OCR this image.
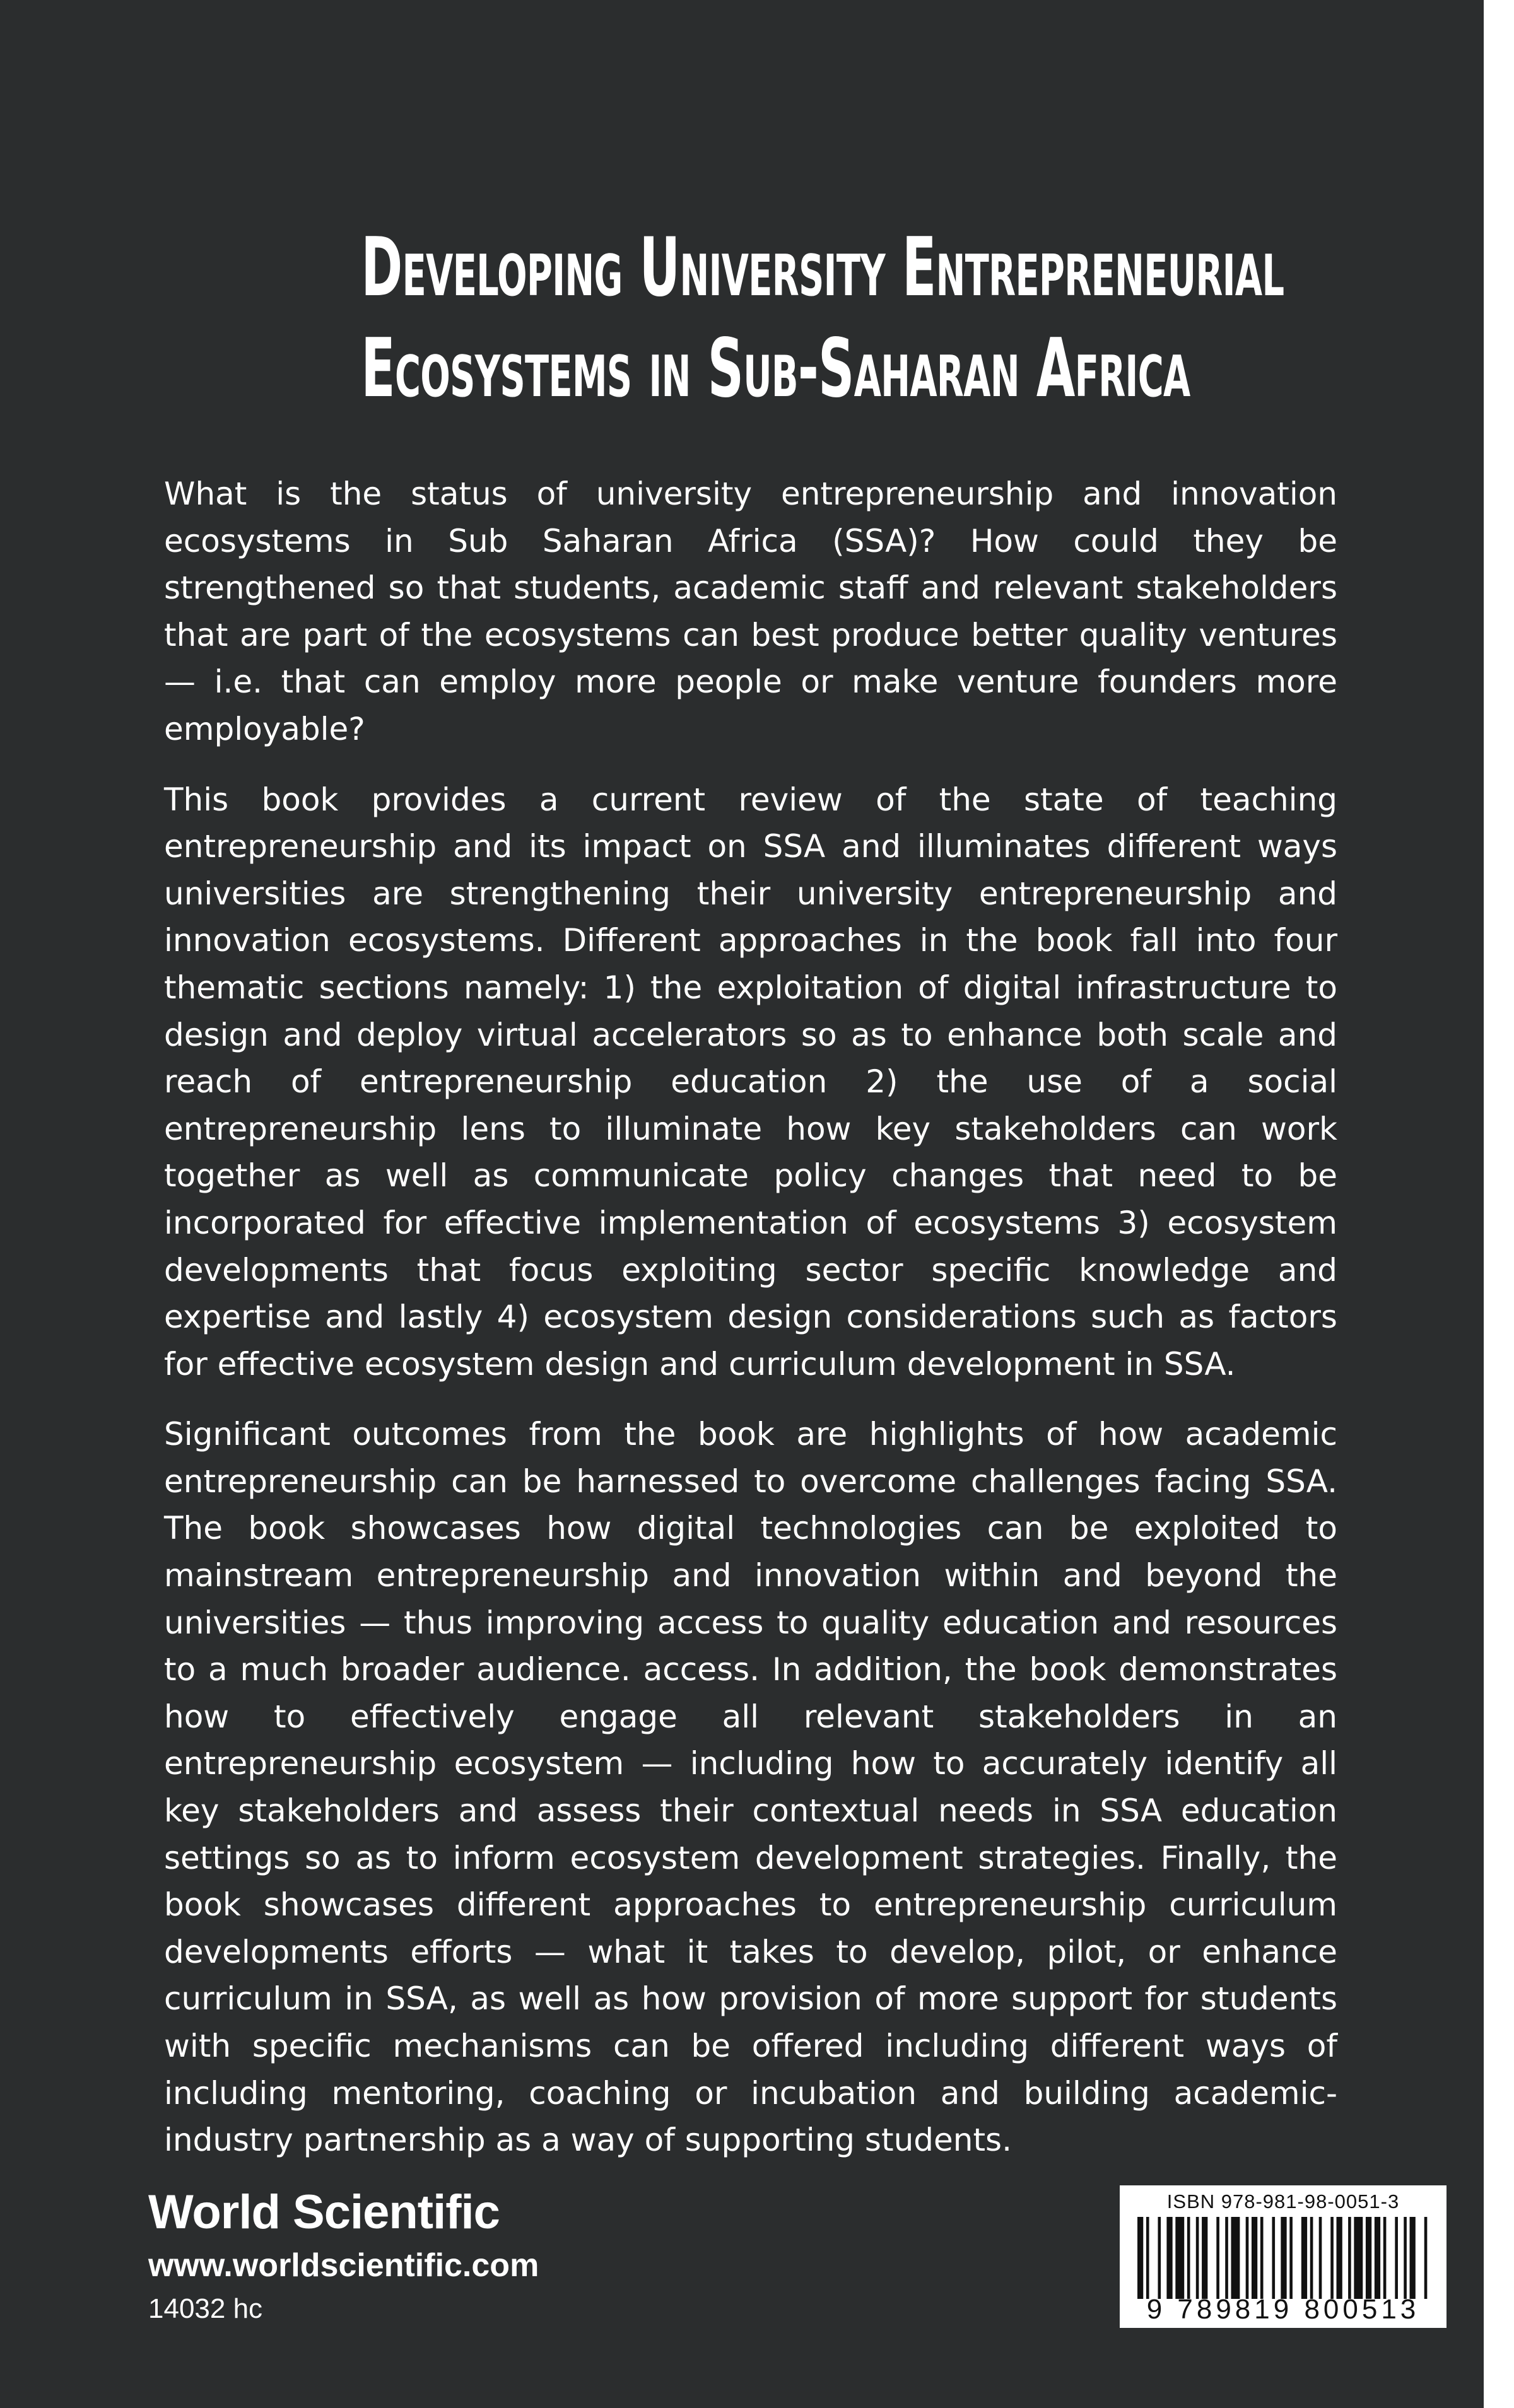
Developing University Entrepreneurial
Ecosystems in Sub-Saharan Africa

What is the status of university entrepreneurship and innovation ecosystems in Sub Saharan Africa (SSA)? How could they be strengthened so that students, academic staff and relevant stakeholders that are part of the ecosystems can best produce better quality ventures — i.e. that can employ more people or make venture founders more employable?

This book provides a current review of the state of teaching entrepreneurship and its impact on SSA and illuminates different ways universities are strengthening their university entrepreneurship and innovation ecosystems. Different approaches in the book fall into four thematic sections namely: 1) the exploitation of digital infrastructure to design and deploy virtual accelerators so as to enhance both scale and reach of entrepreneurship education 2) the use of a social entrepreneurship lens to illuminate how key stakeholders can work together as well as communicate policy changes that need to be incorporated for effective implementation of ecosystems 3) ecosystem developments that focus exploiting sector specific knowledge and expertise and lastly 4) ecosystem design considerations such as factors for effective ecosystem design and curriculum development in SSA.

Significant outcomes from the book are highlights of how academic entrepreneurship can be harnessed to overcome challenges facing SSA. The book showcases how digital technologies can be exploited to mainstream entrepreneurship and innovation within and beyond the universities — thus improving access to quality education and resources to a much broader audience. access. In addition, the book demonstrates how to effectively engage all relevant stakeholders in an entrepreneurship ecosystem — including how to accurately identify all key stakeholders and assess their contextual needs in SSA education settings so as to inform ecosystem development strategies. Finally, the book showcases different approaches to entrepreneurship curriculum developments efforts — what it takes to develop, pilot, or enhance curriculum in SSA, as well as how provision of more support for students with specific mechanisms can be offered including different ways of including mentoring, coaching or incubation and building academic-industry partnership as a way of supporting students.

World Scientific
www.worldscientific.com
14032 hc
ISBN 978-981-98-0051-3
9 789819 800513
